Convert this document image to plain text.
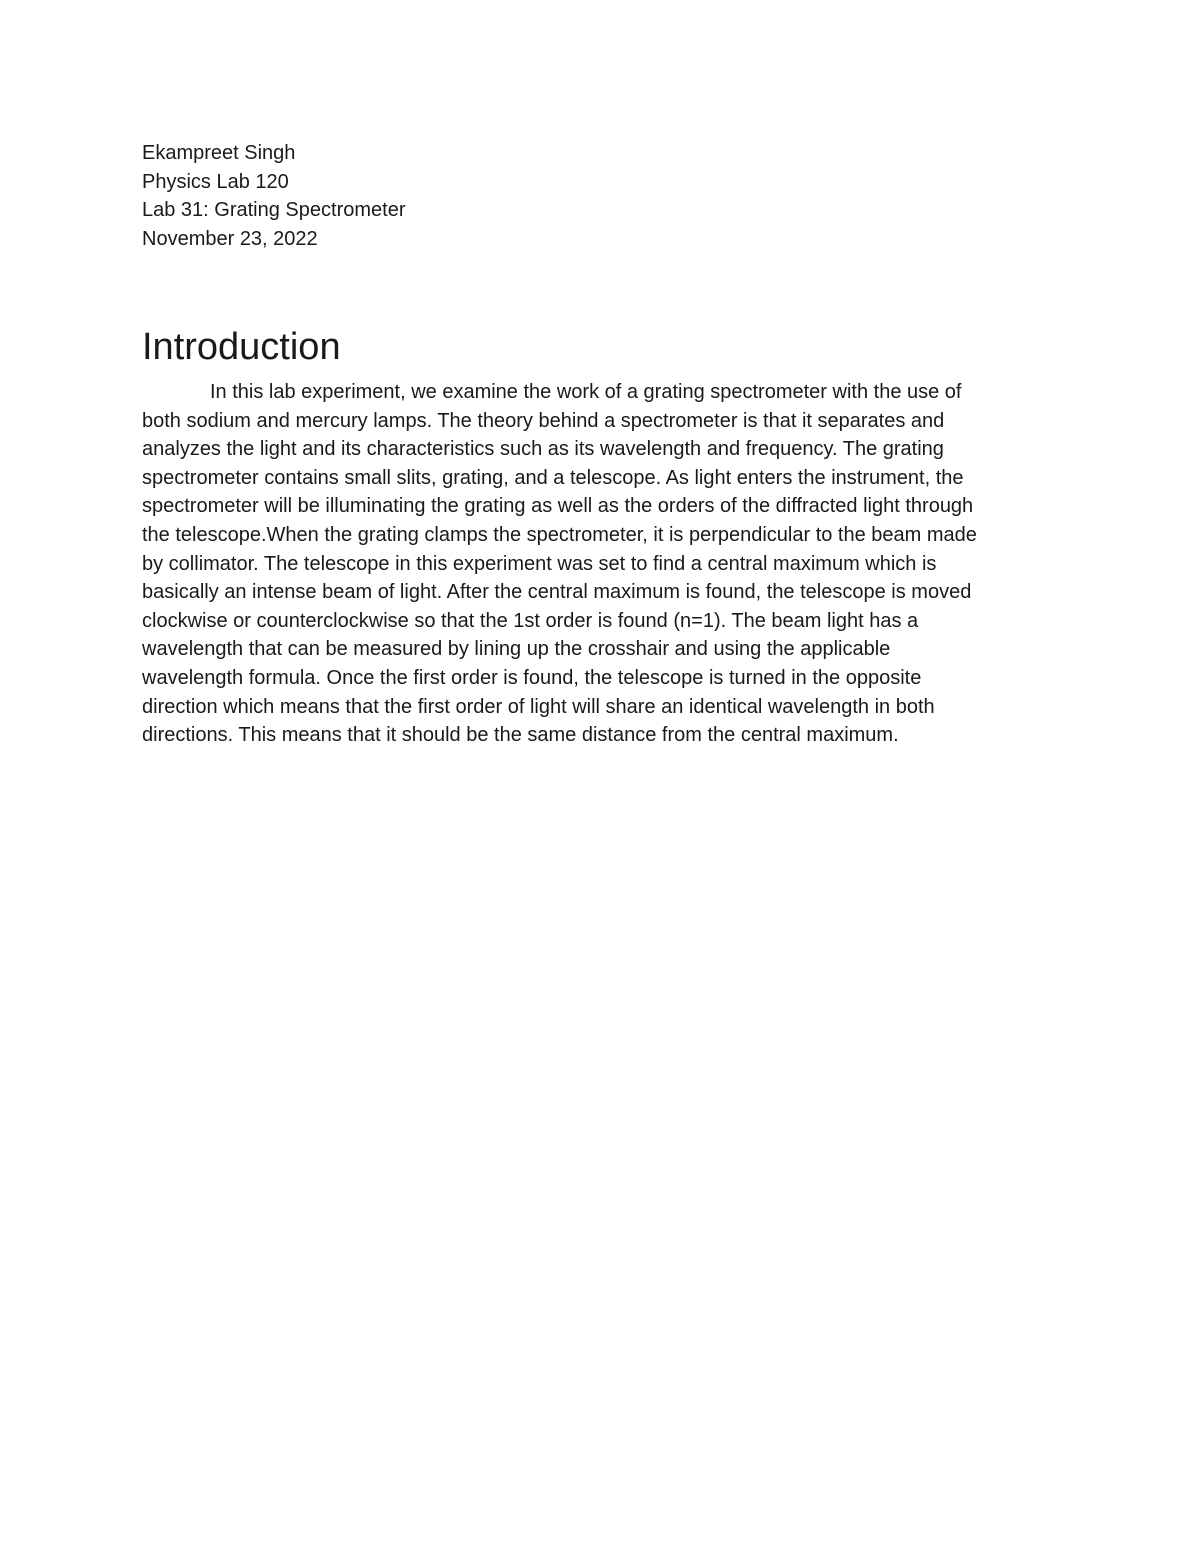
Ekampreet Singh
Physics Lab 120
Lab 31: Grating Spectrometer
November 23, 2022
Introduction

In this lab experiment, we examine the work of a grating spectrometer with the use of
both sodium and mercury lamps. The theory behind a spectrometer is that it separates and
analyzes the light and its characteristics such as its wavelength and frequency. The grating
spectrometer contains small slits, grating, and a telescope. As light enters the instrument, the
spectrometer will be illuminating the grating as well as the orders of the diffracted light through
the telescope.When the grating clamps the spectrometer, it is perpendicular to the beam made
by collimator. The telescope in this experiment was set to find a central maximum which is
basically an intense beam of light. After the central maximum is found, the telescope is moved
clockwise or counterclockwise so that the 1st order is found (n=1). The beam light has a
wavelength that can be measured by lining up the crosshair and using the applicable
wavelength formula. Once the first order is found, the telescope is turned in the opposite
direction which means that the first order of light will share an identical wavelength in both
directions. This means that it should be the same distance from the central maximum.
